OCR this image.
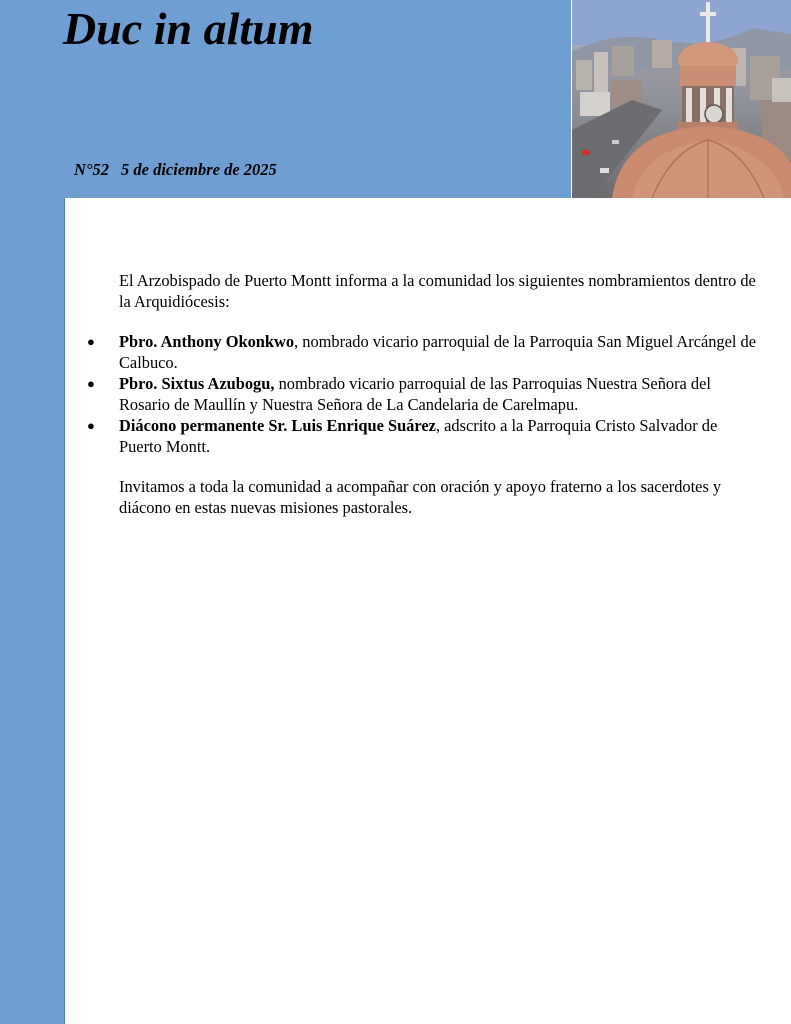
Duc in altum
N°52 5 de diciembre de 2025

El Arzobispado de Puerto Montt informa a la comunidad los siguientes nombramientos dentro de la Arquidiócesis:

●	Pbro. Anthony Okonkwo, nombrado vicario parroquial de la Parroquia San Miguel Arcángel de Calbuco.
●	Pbro. Sixtus Azubogu, nombrado vicario parroquial de las Parroquias Nuestra Señora del Rosario de Maullín y Nuestra Señora de La Candelaria de Carelmapu.
●	Diácono permanente Sr. Luis Enrique Suárez, adscrito a la Parroquia Cristo Salvador de Puerto Montt.

Invitamos a toda la comunidad a acompañar con oración y apoyo fraterno a los sacerdotes y diácono en estas nuevas misiones pastorales.
